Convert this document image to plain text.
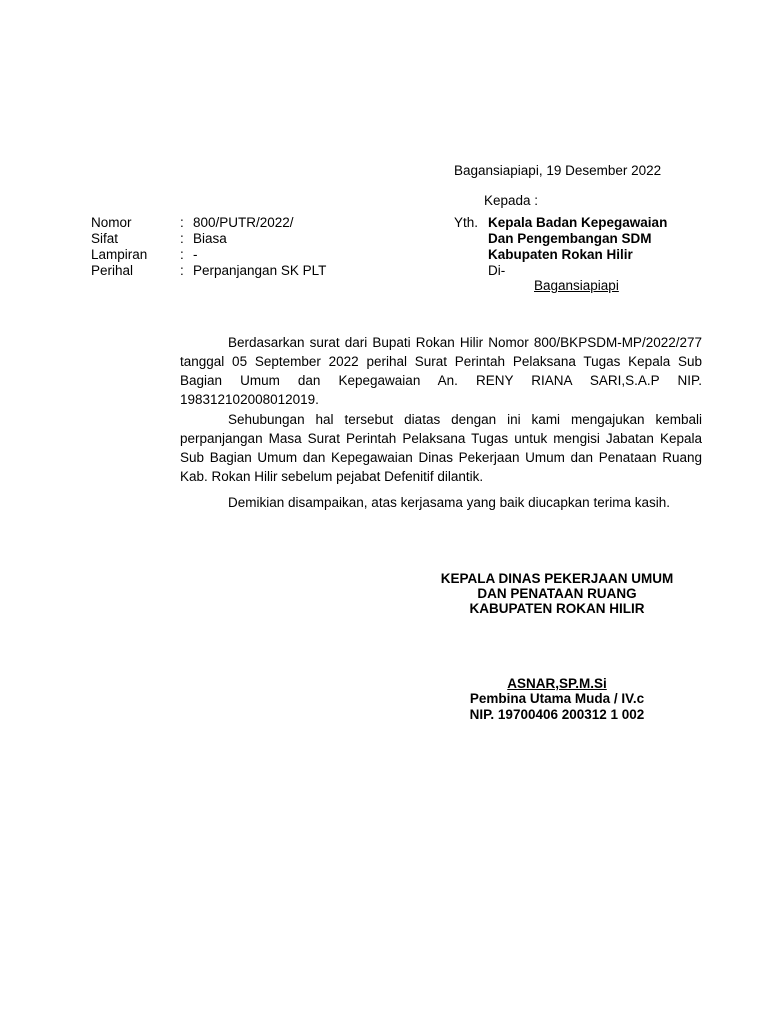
Bagansiapiapi, 19 Desember 2022
Kepada :
Nomor	: 800/PUTR/2022/
Sifat	: Biasa
Lampiran : -
Perihal	: Perpanjangan SK PLT
Yth. Kepala Badan Kepegawaian
Dan Pengembangan SDM
Kabupaten Rokan Hilir
Di-
Bagansiapiapi
Berdasarkan surat dari Bupati Rokan Hilir Nomor 800/BKPSDM-MP/2022/277 tanggal 05 September 2022 perihal Surat Perintah Pelaksana Tugas Kepala Sub Bagian Umum dan Kepegawaian An. RENY RIANA SARI,S.A.P NIP. 198312102008012019.
Sehubungan hal tersebut diatas dengan ini kami mengajukan kembali perpanjangan Masa Surat Perintah Pelaksana Tugas untuk mengisi Jabatan Kepala Sub Bagian Umum dan Kepegawaian Dinas Pekerjaan Umum dan Penataan Ruang Kab. Rokan Hilir sebelum pejabat Defenitif dilantik.
Demikian disampaikan, atas kerjasama yang baik diucapkan terima kasih.
KEPALA DINAS PEKERJAAN UMUM
DAN PENATAAN RUANG
KABUPATEN ROKAN HILIR
ASNAR,SP.M.Si
Pembina Utama Muda / IV.c
NIP. 19700406 200312 1 002
